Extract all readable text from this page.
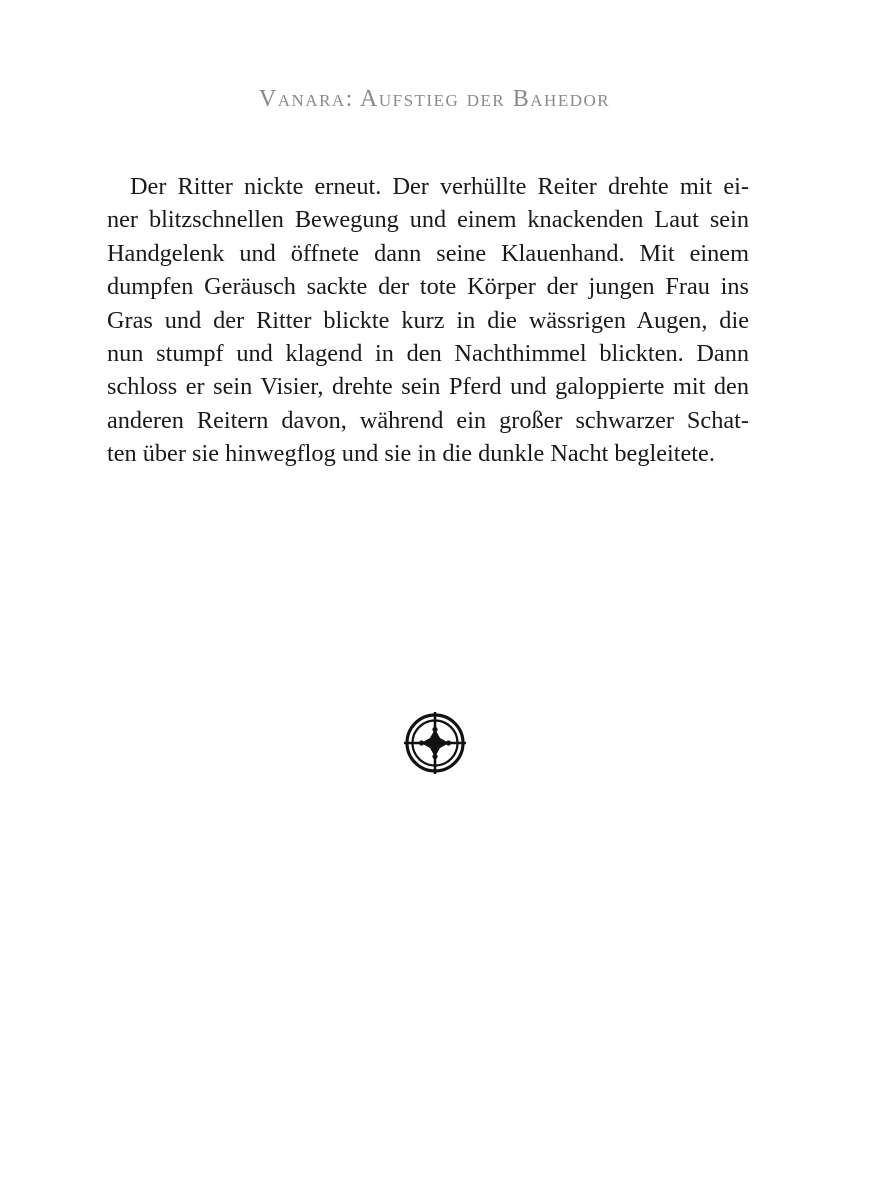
Vanara: Aufstieg der Bahedor
Der Ritter nickte erneut. Der verhüllte Reiter drehte mit ei-
ner blitzschnellen Bewegung und einem knackenden Laut sein
Handgelenk und öffnete dann seine Klauenhand. Mit einem
dumpfen Geräusch sackte der tote Körper der jungen Frau ins
Gras und der Ritter blickte kurz in die wässrigen Augen, die
nun stumpf und klagend in den Nachthimmel blickten. Dann
schloss er sein Visier, drehte sein Pferd und galoppierte mit den
anderen Reitern davon, während ein großer schwarzer Schat-
ten über sie hinwegflog und sie in die dunkle Nacht begleitete.
